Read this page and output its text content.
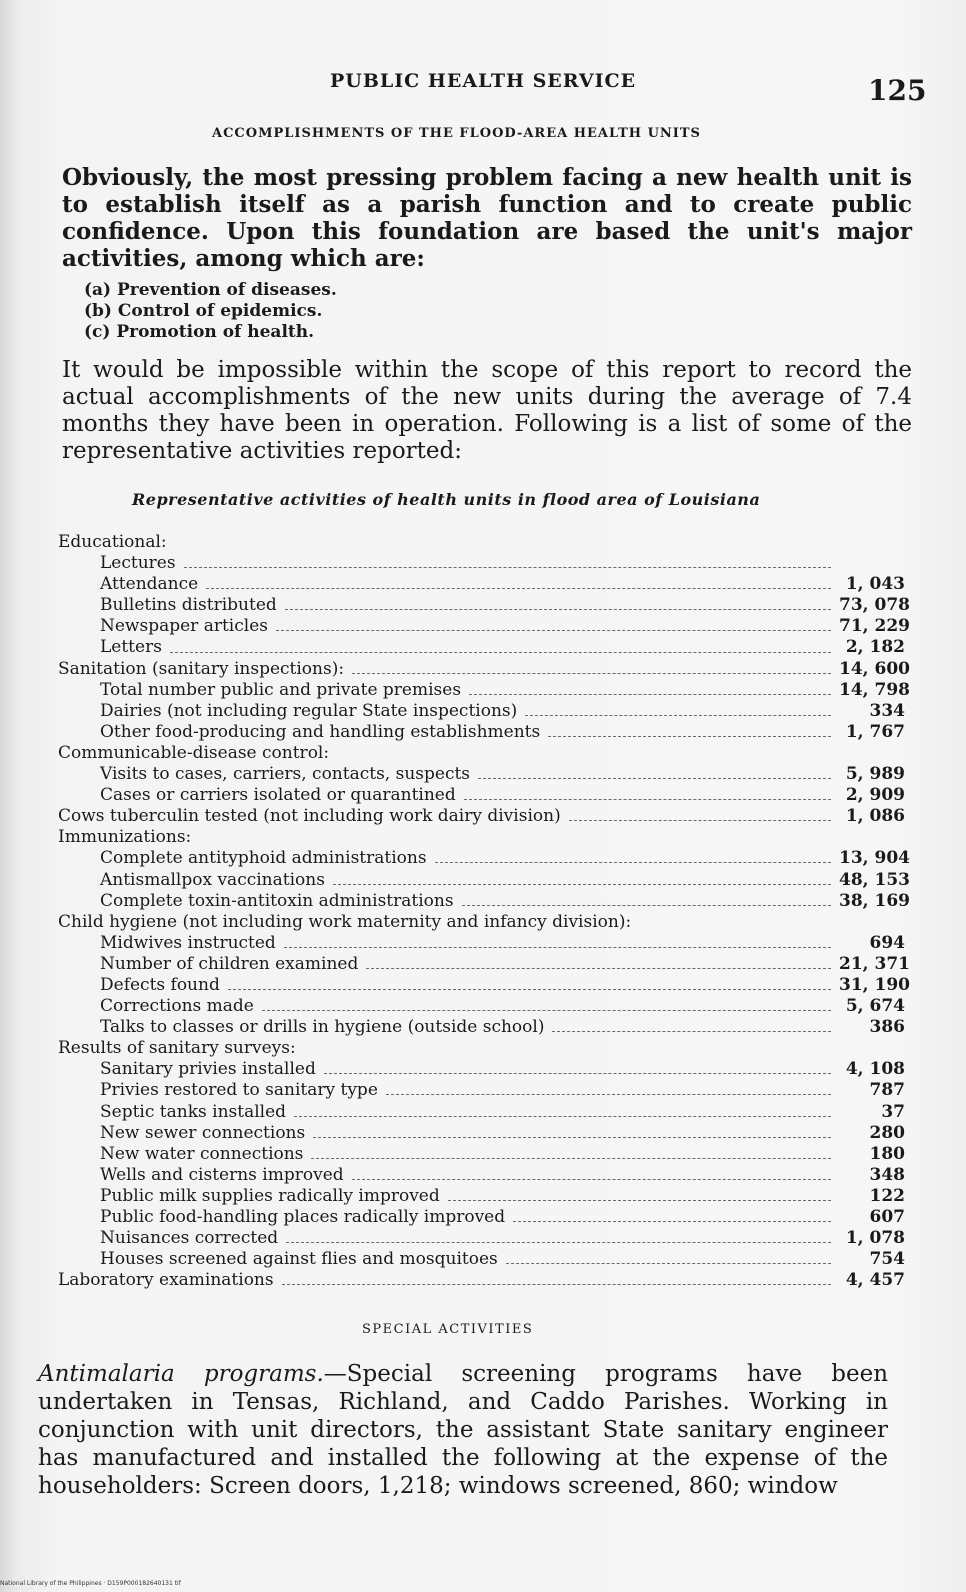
PUBLIC HEALTH SERVICE	125
ACCOMPLISHMENTS OF THE FLOOD-AREA HEALTH UNITS
Obviously, the most pressing problem facing a new health unit is to establish itself as a parish function and to create public confidence. Upon this foundation are based the unit's major activities, among which are:
(a) Prevention of diseases.
(b) Control of epidemics.
(c) Promotion of health.
It would be impossible within the scope of this report to record the actual accomplishments of the new units during the average of 7.4 months they have been in operation. Following is a list of some of the representative activities reported:
Representative activities of health units in flood area of Louisiana
Educational:
Lectures
Attendance	1, 043
Bulletins distributed	73, 078
Newspaper articles	71, 229
Letters	2, 182
Sanitation (sanitary inspections):	14, 600
Total number public and private premises	14, 798
Dairies (not including regular State inspections)	334
Other food-producing and handling establishments	1, 767
Communicable-disease control:
Visits to cases, carriers, contacts, suspects	5, 989
Cases or carriers isolated or quarantined	2, 909
Cows tuberculin tested (not including work dairy division)	1, 086
Immunizations:
Complete antityphoid administrations	13, 904
Antismallpox vaccinations	48, 153
Complete toxin-antitoxin administrations	38, 169
Child hygiene (not including work maternity and infancy division):
Midwives instructed	694
Number of children examined	21, 371
Defects found	31, 190
Corrections made	5, 674
Talks to classes or drills in hygiene (outside school)	386
Results of sanitary surveys:
Sanitary privies installed	4, 108
Privies restored to sanitary type	787
Septic tanks installed	37
New sewer connections	280
New water connections	180
Wells and cisterns improved	348
Public milk supplies radically improved	122
Public food-handling places radically improved	607
Nuisances corrected	1, 078
Houses screened against flies and mosquitoes	754
Laboratory examinations	4, 457
SPECIAL ACTIVITIES
Antimalaria programs.—Special screening programs have been undertaken in Tensas, Richland, and Caddo Parishes. Working in conjunction with unit directors, the assistant State sanitary engineer has manufactured and installed the following at the expense of the householders: Screen doors, 1,218; windows screened, 860; window
National Library of the Philippines · D159P000182640131 tif
